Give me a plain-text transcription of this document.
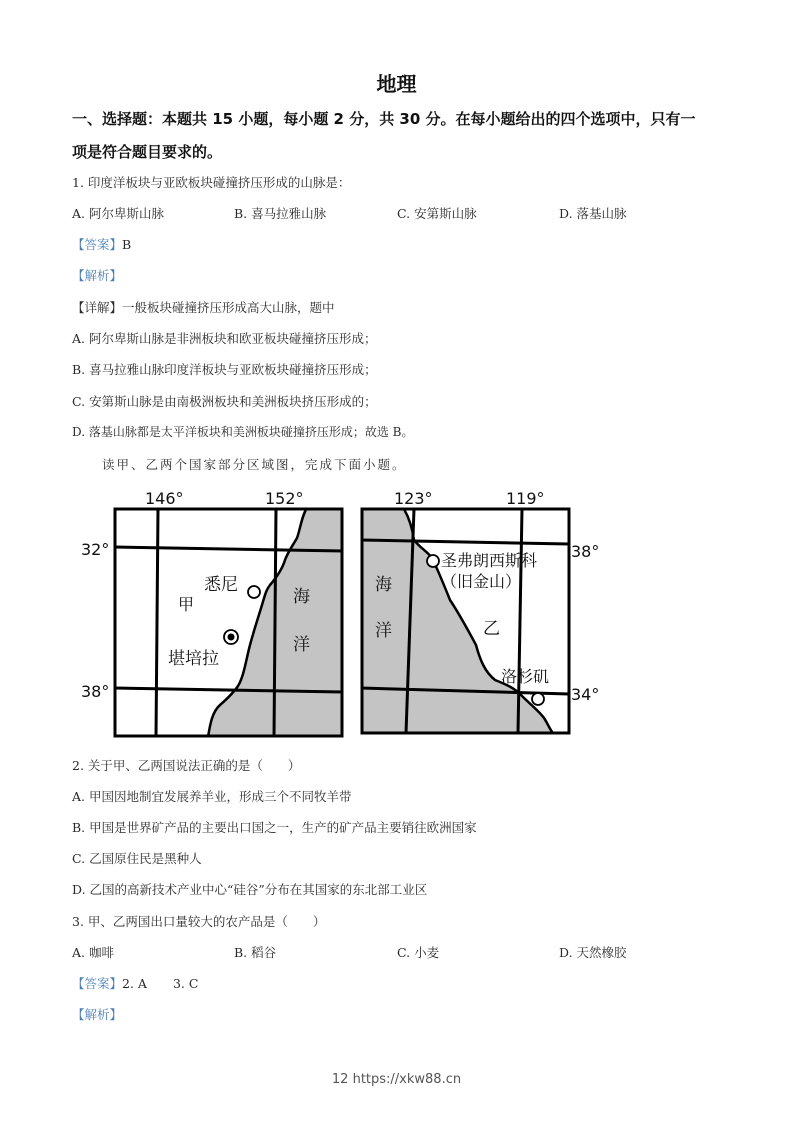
地理
一、选择题：本题共 15 小题，每小题 2 分，共 30 分。在每小题给出的四个选项中，只有一
项是符合题目要求的。
1. 印度洋板块与亚欧板块碰撞挤压形成的山脉是：
A. 阿尔卑斯山脉	B. 喜马拉雅山脉	C. 安第斯山脉	D. 落基山脉
【答案】B
【解析】
【详解】一般板块碰撞挤压形成高大山脉，题中
A. 阿尔卑斯山脉是非洲板块和欧亚板块碰撞挤压形成；
B. 喜马拉雅山脉印度洋板块与亚欧板块碰撞挤压形成；
C. 安第斯山脉是由南极洲板块和美洲板块挤压形成的；
D. 落基山脉都是太平洋板块和美洲板块碰撞挤压形成；故选 B。
读甲、乙两个国家部分区域图，完成下面小题。
146°	152°
32°
38°
甲
悉尼
堪培拉
海
洋
123°	119°
38°
34°
圣弗朗西斯科
（旧金山）
乙
洛杉矶
海
洋
2. 关于甲、乙两国说法正确的是（　　）
A. 甲国因地制宜发展养羊业，形成三个不同牧羊带
B. 甲国是世界矿产品的主要出口国之一，生产的矿产品主要销往欧洲国家
C. 乙国原住民是黑种人
D. 乙国的高新技术产业中心“硅谷”分布在其国家的东北部工业区
3. 甲、乙两国出口量较大的农产品是（　　）
A. 咖啡	B. 稻谷	C. 小麦	D. 天然橡胶
【答案】2. A 3. C
【解析】
12 https://xkw88.cn
